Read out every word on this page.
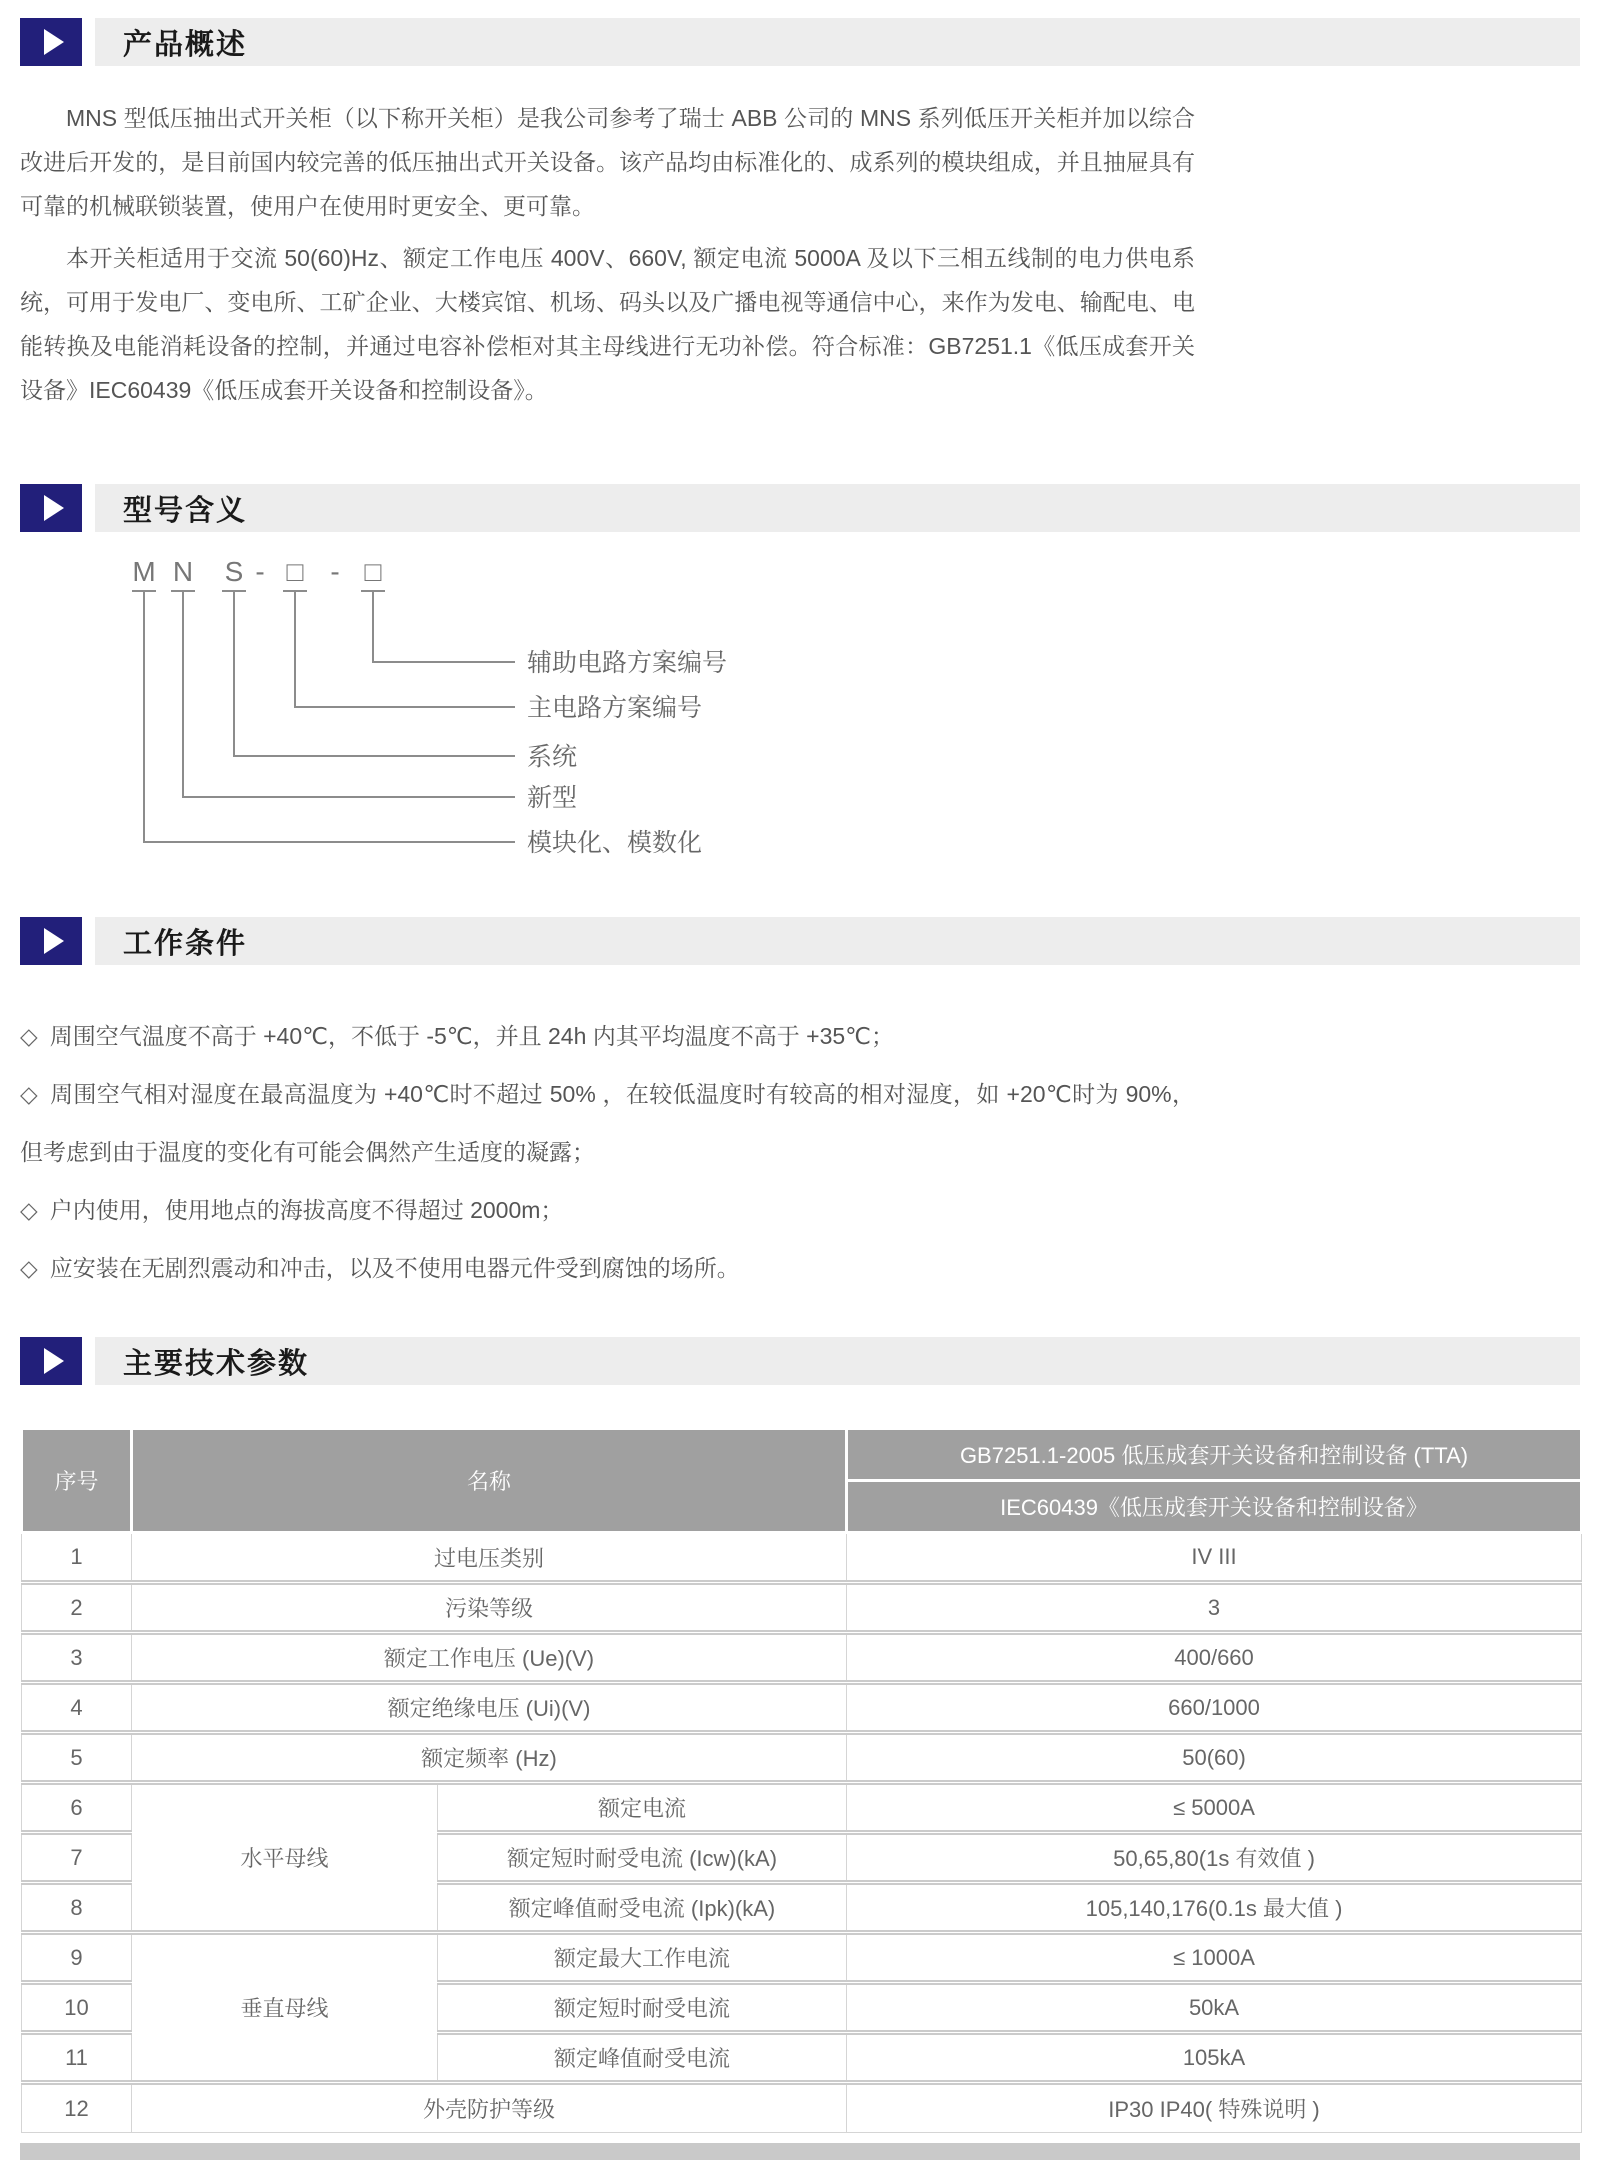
产品概述

MNS 型低压抽出式开关柜（以下称开关柜）是我公司参考了瑞士 ABB 公司的 MNS 系列低压开关柜并加以综合改进后开发的，是目前国内较完善的低压抽出式开关设备。该产品均由标准化的、成系列的模块组成，并且抽屉具有可靠的机械联锁装置，使用户在使用时更安全、更可靠。

本开关柜适用于交流 50(60)Hz、额定工作电压 400V、660V, 额定电流 5000A 及以下三相五线制的电力供电系统，可用于发电厂、变电所、工矿企业、大楼宾馆、机场、码头以及广播电视等通信中心，来作为发电、输配电、电能转换及电能消耗设备的控制，并通过电容补偿柜对其主母线进行无功补偿。符合标准：GB7251.1《低压成套开关设备》IEC60439《低压成套开关设备和控制设备》。

型号含义
M N S - □ - □
辅助电路方案编号
主电路方案编号
系统
新型
模块化、模数化
工作条件
◇ 周围空气温度不高于 +40℃，不低于 -5℃，并且 24h 内其平均温度不高于 +35℃；
◇ 周围空气相对湿度在最高温度为 +40℃时不超过 50% ，在较低温度时有较高的相对湿度，如 +20℃时为 90%，但考虑到由于温度的变化有可能会偶然产生适度的凝露；
◇ 户内使用，使用地点的海拔高度不得超过 2000m；
◇ 应安装在无剧烈震动和冲击，以及不使用电器元件受到腐蚀的场所。
主要技术参数
序号	名称		GB7251.1-2005 低压成套开关设备和控制设备 (TTA)
			IEC60439《低压成套开关设备和控制设备》
1	过电压类别		IV III
2	污染等级		3
3	额定工作电压 (Ue)(V)		400/660
4	额定绝缘电压 (Ui)(V)		660/1000
5	额定频率 (Hz)		50(60)
6	水平母线	额定电流	≤ 5000A
7		额定短时耐受电流 (Icw)(kA)	50,65,80(1s 有效值 )
8		额定峰值耐受电流 (Ipk)(kA)	105,140,176(0.1s 最大值 )
9	垂直母线	额定最大工作电流	≤ 1000A
10		额定短时耐受电流	50kA
11		额定峰值耐受电流	105kA
12	外壳防护等级		IP30 IP40( 特殊说明 )
